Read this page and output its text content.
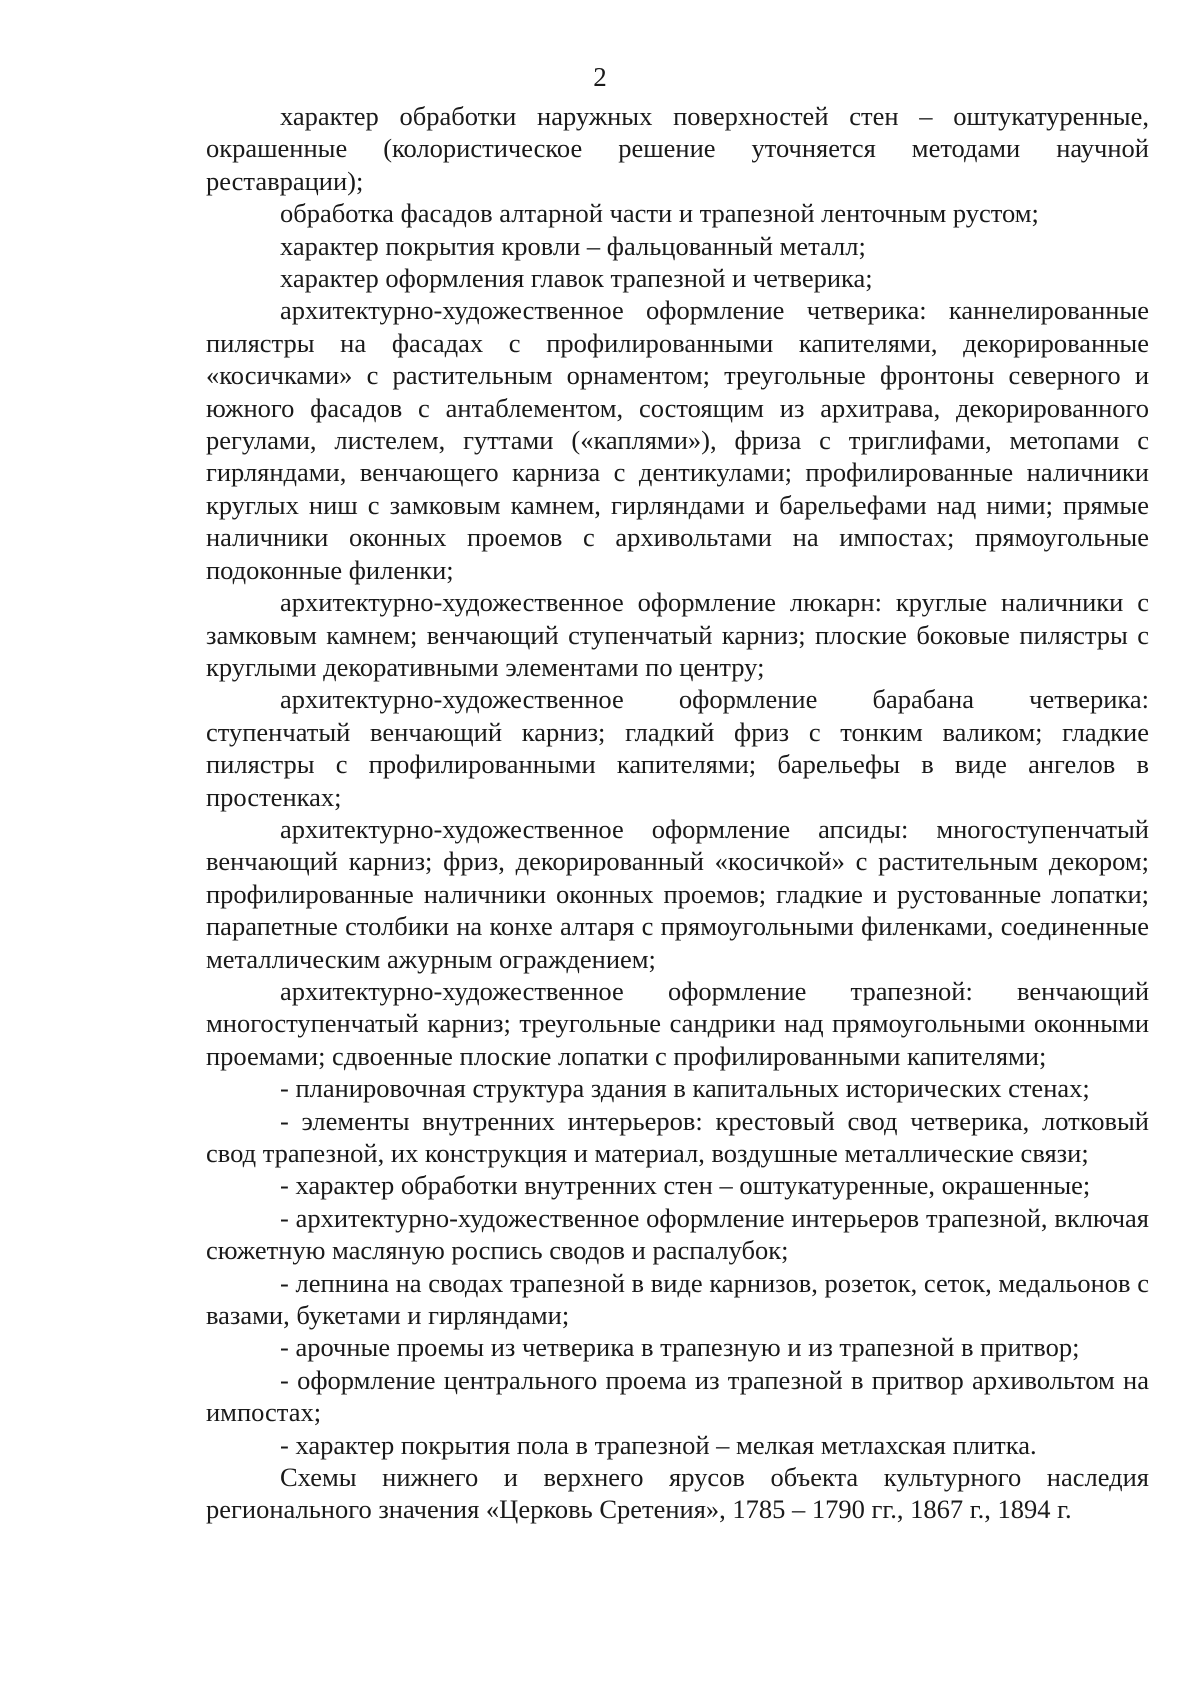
2

характер обработки наружных поверхностей стен – оштукатуренные, окрашенные (колористическое решение уточняется методами научной реставрации);

обработка фасадов алтарной части и трапезной ленточным рустом;

характер покрытия кровли – фальцованный металл;

характер оформления главок трапезной и четверика;

архитектурно-художественное оформление четверика: каннелированные пилястры на фасадах с профилированными капителями, декорированные «косичками» с растительным орнаментом; треугольные фронтоны северного и южного фасадов с антаблементом, состоящим из архитрава, декорированного регулами, листелем, гуттами («каплями»), фриза с триглифами, метопами с гирляндами, венчающего карниза с дентикулами; профилированные наличники круглых ниш с замковым камнем, гирляндами и барельефами над ними; прямые наличники оконных проемов с архивольтами на импостах; прямоугольные подоконные филенки;

архитектурно-художественное оформление люкарн: круглые наличники с замковым камнем; венчающий ступенчатый карниз; плоские боковые пилястры с круглыми декоративными элементами по центру;

архитектурно-художественное оформление барабана четверика: ступенчатый венчающий карниз; гладкий фриз с тонким валиком; гладкие пилястры с профилированными капителями; барельефы в виде ангелов в простенках;

архитектурно-художественное оформление апсиды: многоступенчатый венчающий карниз; фриз, декорированный «косичкой» с растительным декором; профилированные наличники оконных проемов; гладкие и рустованные лопатки; парапетные столбики на конхе алтаря с прямоугольными филенками, соединенные металлическим ажурным ограждением;

архитектурно-художественное оформление трапезной: венчающий многоступенчатый карниз; треугольные сандрики над прямоугольными оконными проемами; сдвоенные плоские лопатки с профилированными капителями;

- планировочная структура здания в капитальных исторических стенах;

- элементы внутренних интерьеров: крестовый свод четверика, лотковый свод трапезной, их конструкция и материал, воздушные металлические связи;

- характер обработки внутренних стен – оштукатуренные, окрашенные;

- архитектурно-художественное оформление интерьеров трапезной, включая сюжетную масляную роспись сводов и распалубок;

- лепнина на сводах трапезной в виде карнизов, розеток, сеток, медальонов с вазами, букетами и гирляндами;

- арочные проемы из четверика в трапезную и из трапезной в притвор;

- оформление центрального проема из трапезной в притвор архивольтом на импостах;

- характер покрытия пола в трапезной – мелкая метлахская плитка.

Схемы нижнего и верхнего ярусов объекта культурного наследия регионального значения «Церковь Сретения», 1785 – 1790 гг., 1867 г., 1894 г.
